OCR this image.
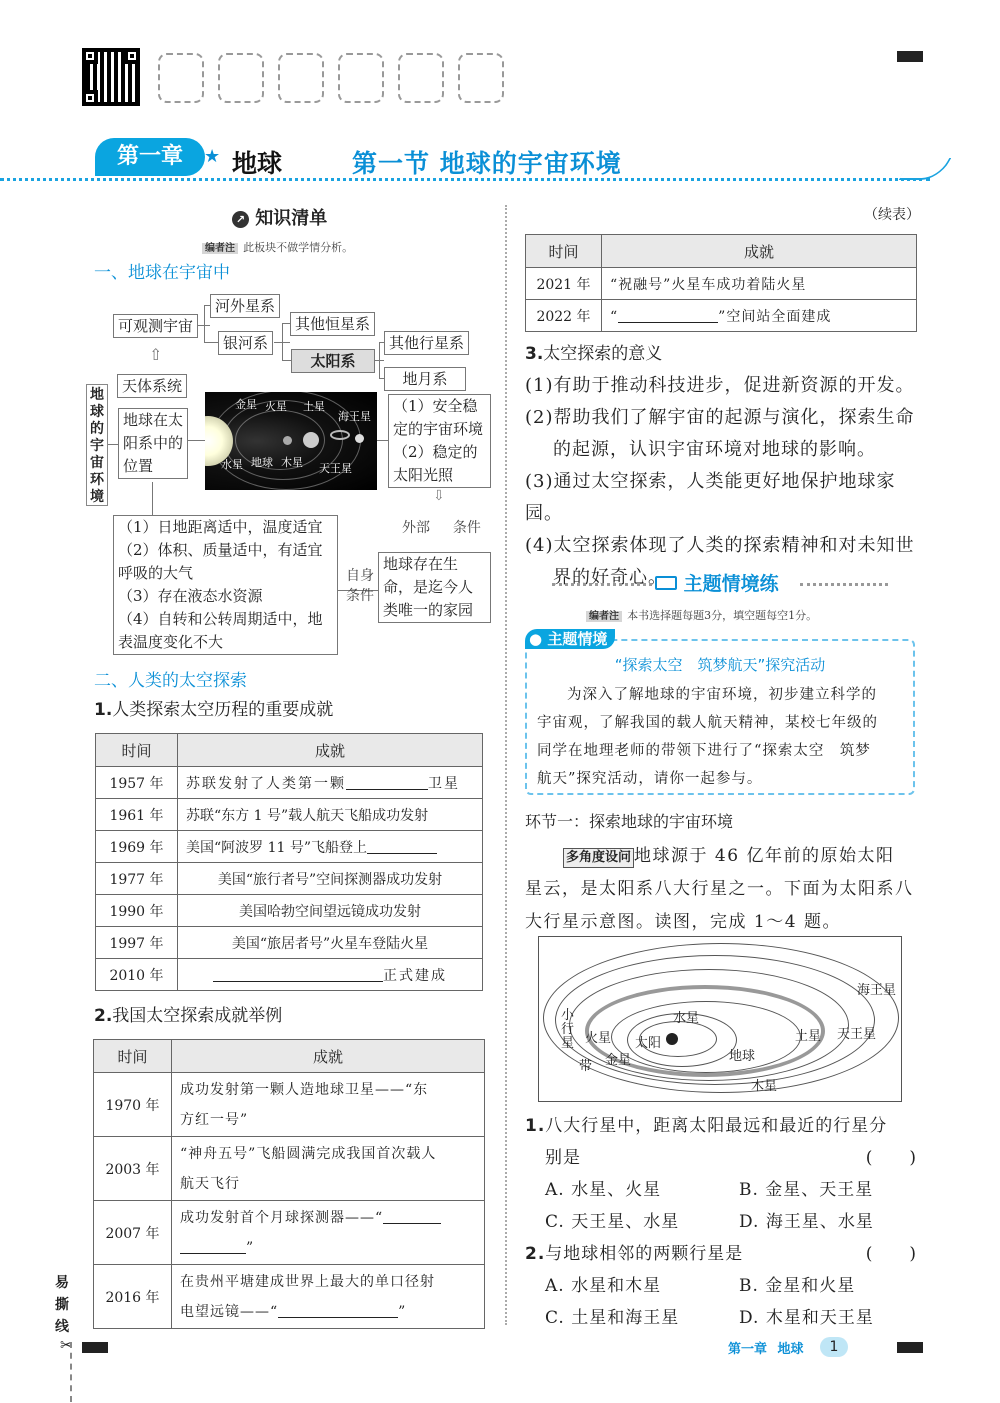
第一章	★ 地球	第一节 地球的宇宙环境
↗ 知识清单
编者注 此板块不做学情分析。
一、地球在宇宙中
地球的宇宙环境
可观测宇宙
河外星系
银河系
其他恒星系
太阳系
其他行星系
地月系
天体系统
⇧
地球在太阳系中的位置
金星 火星 土星
海王星
水星 地球 木星 天王星
（1）安全稳定的宇宙环境
（2）稳定的太阳光照
⇩
外部 条件
自身
条件
地球存在生命，是迄今人类唯一的家园
（1）日地距离适中，温度适宜
（2）体积、质量适中，有适宜呼吸的大气
（3）存在液态水资源
（4）自转和公转周期适中，地表温度变化不大
二、人类的太空探索
1.人类探索太空历程的重要成就
时间	成就
1957 年	苏联发射了人类第一颗 卫星
1961 年	苏联“东方 1 号”载人航天飞船成功发射
1969 年	美国“阿波罗 11 号”飞船登上
1977 年	美国“旅行者号”空间探测器成功发射
1990 年	美国哈勃空间望远镜成功发射
1997 年	美国“旅居者号”火星车登陆火星
2010 年	正式建成
2.我国太空探索成就举例
时间	成就
1970 年	成功发射第一颗人造地球卫星——“东
方红一号”

2003 年	“神舟五号”飞船圆满完成我国首次载人
航天飞行

2007 年	成功发射首个月球探测器——“
”

2016 年	在贵州平塘建成世界上最大的单口径射
电望远镜——“ ”
易撕线
✂
（续表）
时间	成就
2021 年	“祝融号”火星车成功着陆火星
2022 年	“ ”空间站全面建成
3.太空探索的意义
(1)有助于推动科技进步，促进新资源的开发。
(2)帮助我们了解宇宙的起源与演化，探索生命
的起源，认识宇宙环境对地球的影响。
(3)通过太空探索，人类能更好地保护地球家园。
(4)太空探索体现了人类的探索精神和对未知世
界的好奇心。 主题情境练
编者注 本书选择题每题3分，填空题每空1分。
● 主题情境
“探索太空　筑梦航天”探究活动
为深入了解地球的宇宙环境，初步建立科学的
宇宙观，了解我国的载人航天精神，某校七年级的
同学在地理老师的带领下进行了“探索太空　筑梦
航天”探究活动，请你一起参与。
环节一：探索地球的宇宙环境
多角度设问 地球源于 46 亿年前的原始太阳
星云，是太阳系八大行星之一。下面为太阳系八
大行星示意图。读图，完成 1～4 题。
海王星
水星
小 行 星
带
火星 太阳	土星 天王星
金星	地球
木星
1.八大行星中，距离太阳最远和最近的行星分
别是	(　　)
A. 水星、火星	B. 金星、天王星
C. 天王星、水星	D. 海王星、水星
2.与地球相邻的两颗行星是	(　　)
A. 水星和木星	B. 金星和火星
C. 土星和海王星	D. 木星和天王星
第一章 地球	1
